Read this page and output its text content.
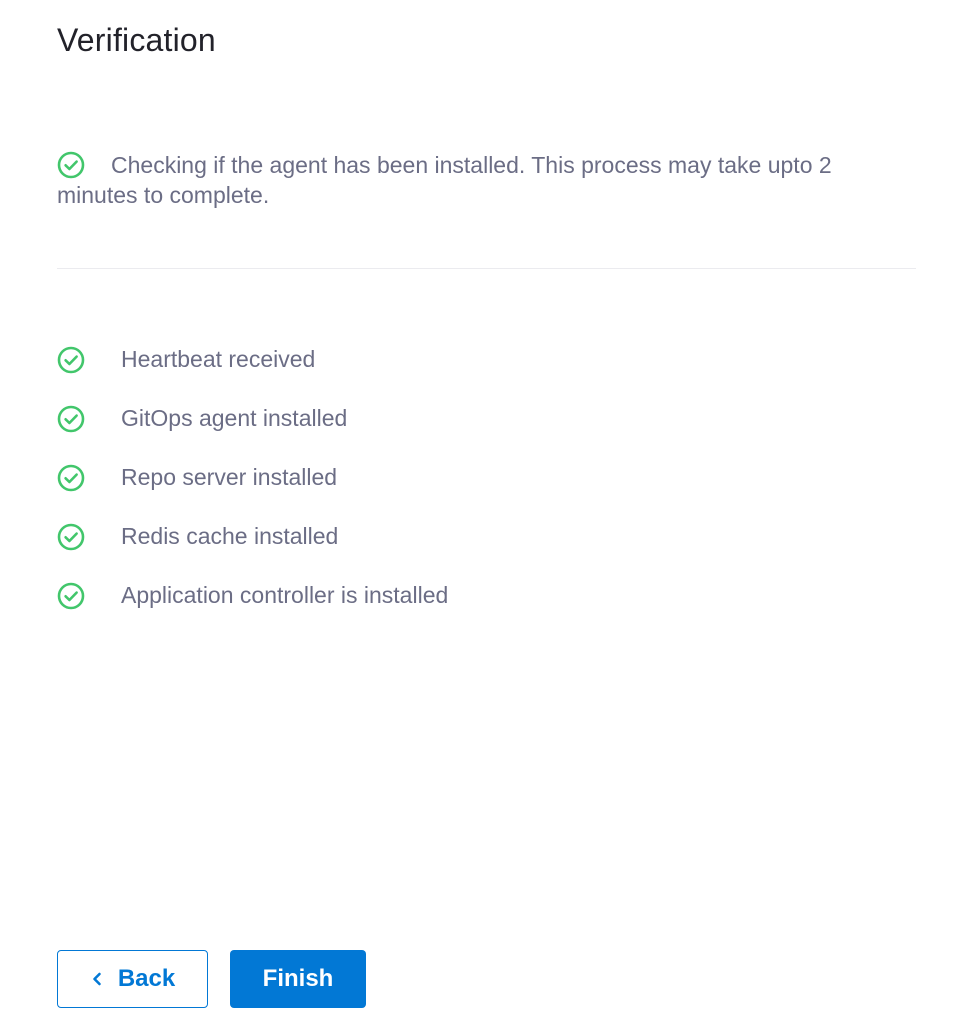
Verification
Checking if the agent has been installed. This process may take upto 2 minutes to complete.
Heartbeat received
GitOps agent installed
Repo server installed
Redis cache installed
Application controller is installed
Back	Finish
